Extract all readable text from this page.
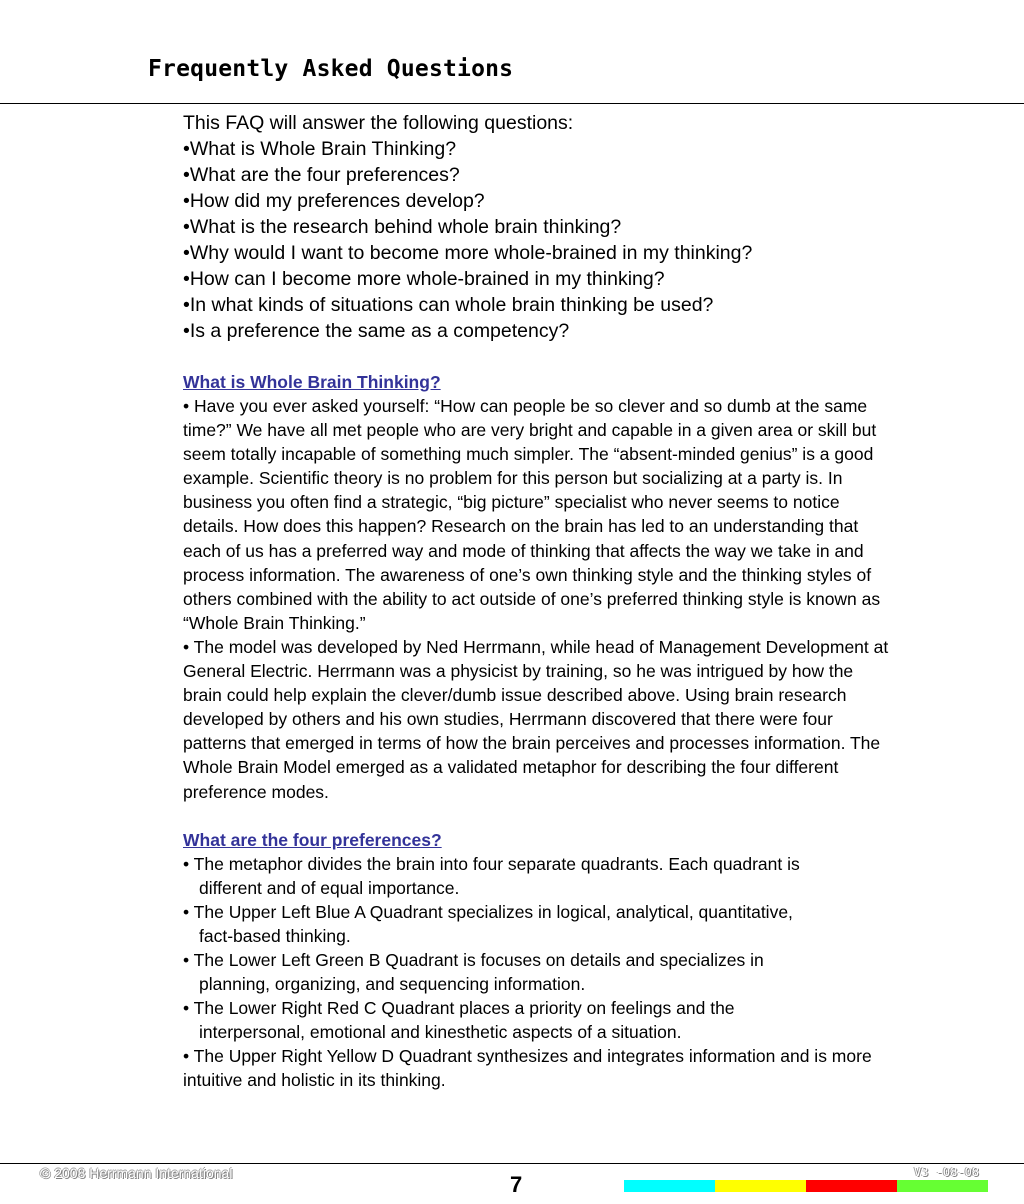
Frequently Asked Questions

This FAQ will answer the following questions:

•What is Whole Brain Thinking?

•What are the four preferences?

•How did my preferences develop?

•What is the research behind whole brain thinking?

•Why would I want to become more whole-brained in my thinking?

•How can I become more whole-brained in my thinking?

•In what kinds of situations can whole brain thinking be used?

•Is a preference the same as a competency?

What is Whole Brain Thinking?

• Have you ever asked yourself: “How can people be so clever and so dumb at the same time?” We have all met people who are very bright and capable in a given area or skill but seem totally incapable of something much simpler. The “absent-minded genius” is a good example. Scientific theory is no problem for this person but socializing at a party is. In business you often find a strategic, “big picture” specialist who never seems to notice details. How does this happen? Research on the brain has led to an understanding that each of us has a preferred way and mode of thinking that affects the way we take in and process information. The awareness of one’s own thinking style and the thinking styles of others combined with the ability to act outside of one’s preferred thinking style is known as “Whole Brain Thinking.”

• The model was developed by Ned Herrmann, while head of Management Development at General Electric. Herrmann was a physicist by training, so he was intrigued by how the brain could help explain the clever/dumb issue described above. Using brain research developed by others and his own studies, Herrmann discovered that there were four patterns that emerged in terms of how the brain perceives and processes information. The Whole Brain Model emerged as a validated metaphor for describing the four different preference modes.

What are the four preferences?

• The metaphor divides the brain into four separate quadrants. Each quadrant is different and of equal importance.

• The Upper Left Blue A Quadrant specializes in logical, analytical, quantitative, fact-based thinking.

• The Lower Left Green B Quadrant is focuses on details and specializes in planning, organizing, and sequencing information.

• The Lower Right Red C Quadrant places a priority on feelings and the interpersonal, emotional and kinesthetic aspects of a situation.

• The Upper Right Yellow D Quadrant synthesizes and integrates information and is more intuitive and holistic in its thinking.

© 2008 Herrmann International	7	V3 -08-08
